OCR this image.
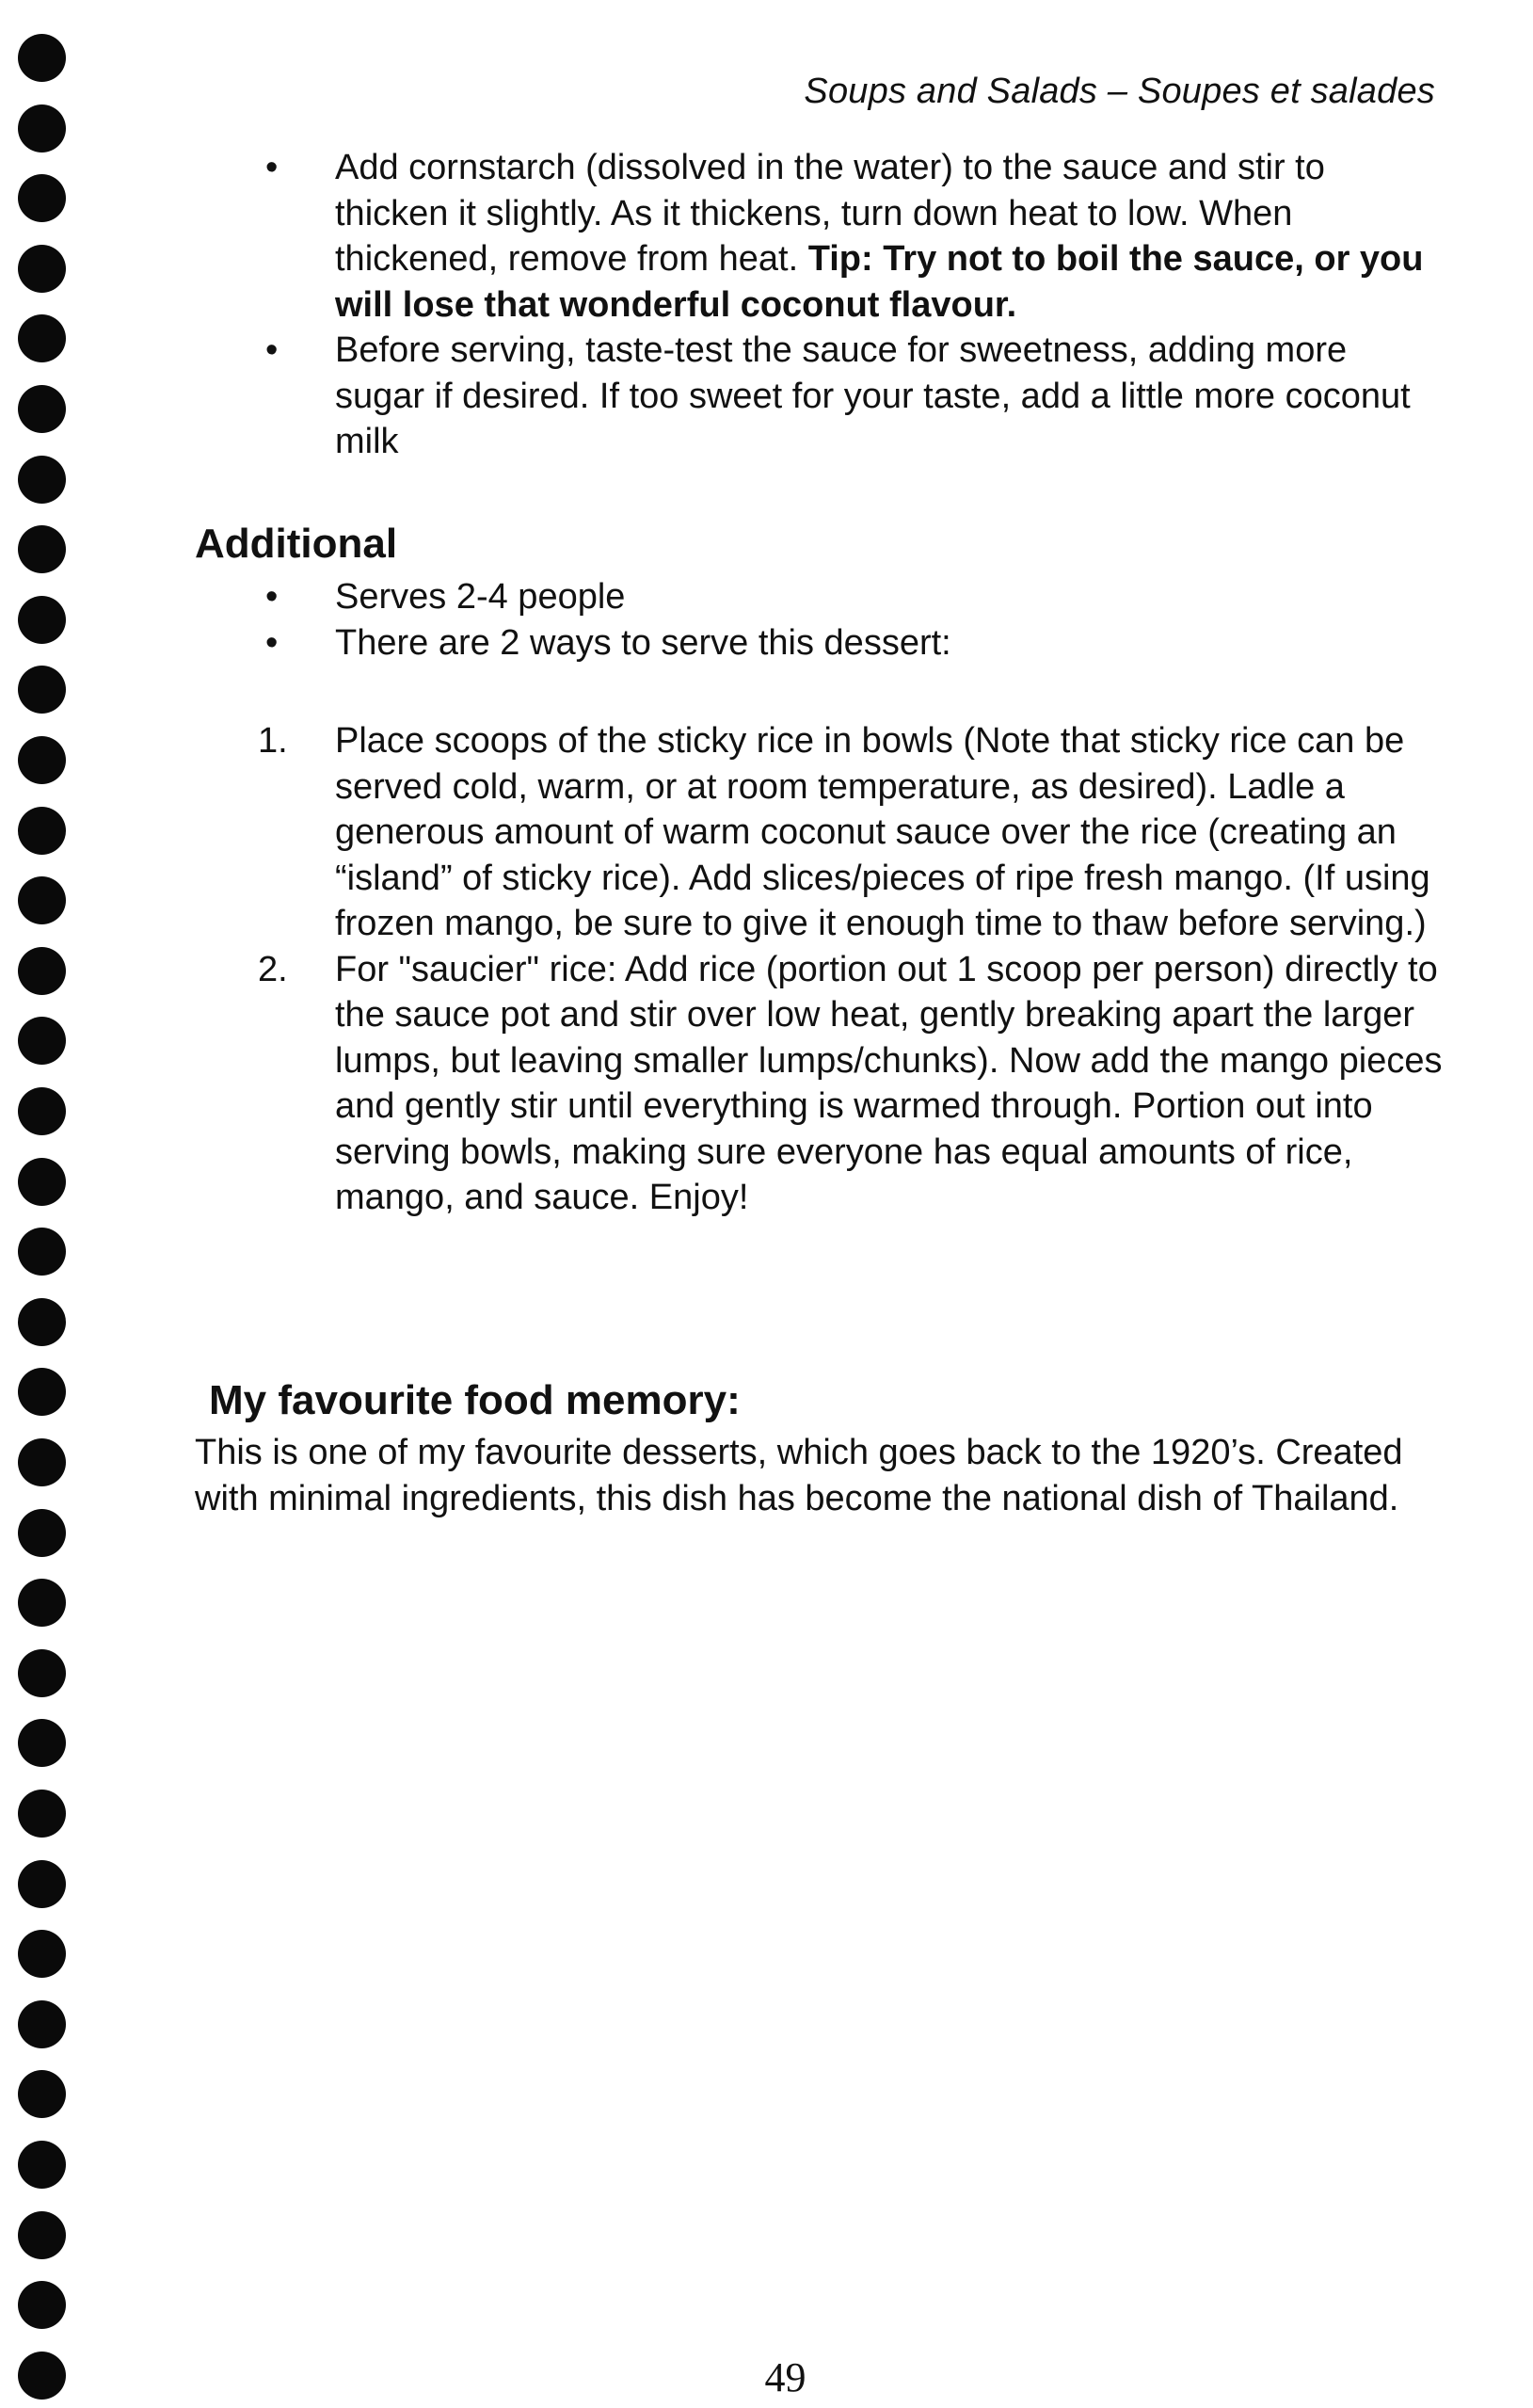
Soups and Salads – Soupes et salades
• Add cornstarch (dissolved in the water) to the sauce and stir to thicken it slightly. As it thickens, turn down heat to low. When thickened, remove from heat. Tip: Try not to boil the sauce, or you will lose that wonderful coconut flavour.
• Before serving, taste-test the sauce for sweetness, adding more sugar if desired. If too sweet for your taste, add a little more coconut milk
Additional
• Serves 2-4 people
• There are 2 ways to serve this dessert:
1. Place scoops of the sticky rice in bowls (Note that sticky rice can be served cold, warm, or at room temperature, as desired). Ladle a generous amount of warm coconut sauce over the rice (creating an “island” of sticky rice). Add slices/pieces of ripe fresh mango. (If using frozen mango, be sure to give it enough time to thaw before serving.)
2. For "saucier" rice: Add rice (portion out 1 scoop per person) directly to the sauce pot and stir over low heat, gently breaking apart the larger lumps, but leaving smaller lumps/chunks). Now add the mango pieces and gently stir until everything is warmed through. Portion out into serving bowls, making sure everyone has equal amounts of rice, mango, and sauce. Enjoy!
My favourite food memory:

This is one of my favourite desserts, which goes back to the 1920’s. Created with minimal ingredients, this dish has become the national dish of Thailand.

49
